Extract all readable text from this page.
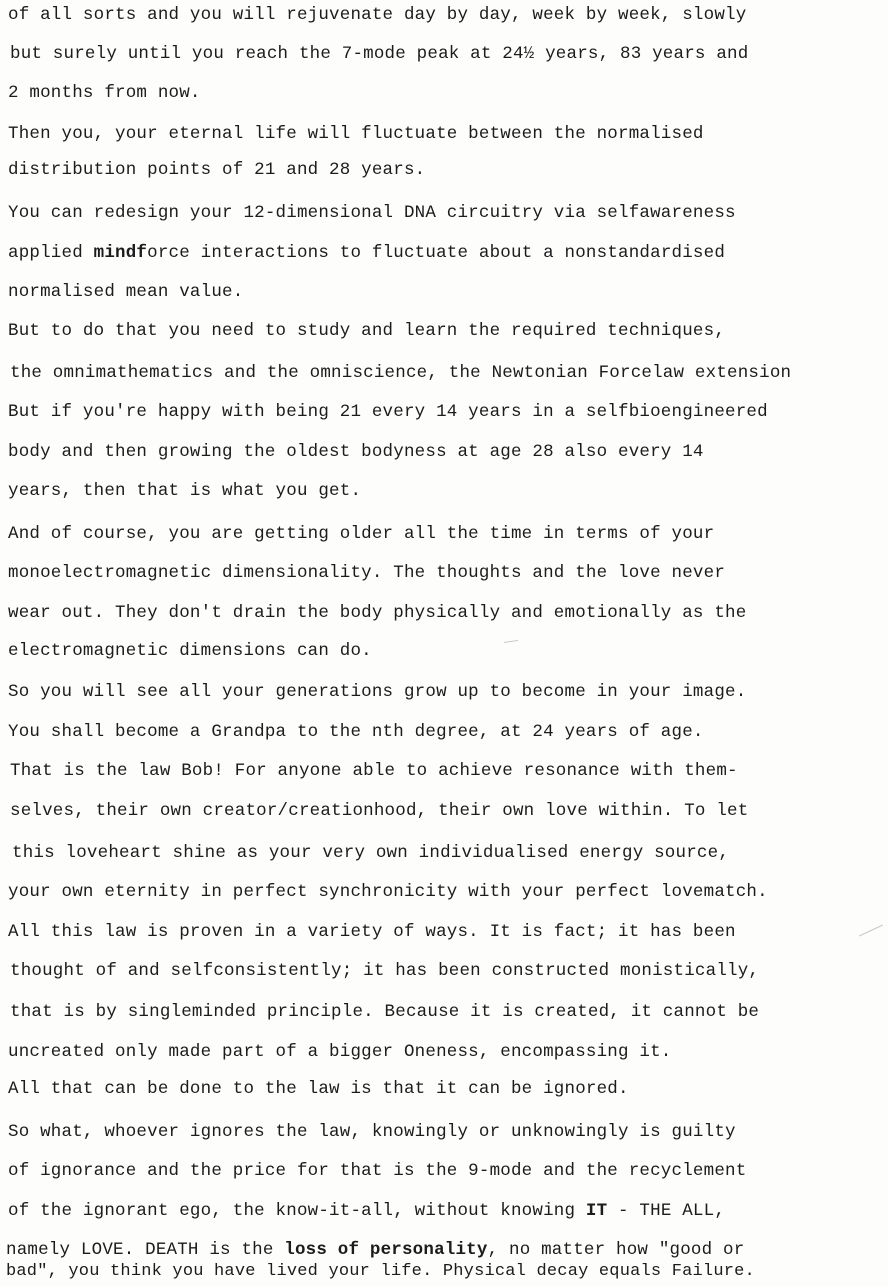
of all sorts and you will rejuvenate day by day, week by week, slowly
but surely until you reach the 7-mode peak at 24½ years, 83 years and
2 months from now.
Then you, your eternal life will fluctuate between the normalised
distribution points of 21 and 28 years.
You can redesign your 12-dimensional DNA circuitry via selfawareness
applied mindforce interactions to fluctuate about a nonstandardised
normalised mean value.
But to do that you need to study and learn the required techniques,
the omnimathematics and the omniscience, the Newtonian Forcelaw extension
But if you're happy with being 21 every 14 years in a selfbioengineered
body and then growing the oldest bodyness at age 28 also every 14
years, then that is what you get.
And of course, you are getting older all the time in terms of your
monoelectromagnetic dimensionality. The thoughts and the love never
wear out. They don't drain the body physically and emotionally as the
electromagnetic dimensions can do.
So you will see all your generations grow up to become in your image.
You shall become a Grandpa to the nth degree, at 24 years of age.
That is the law Bob! For anyone able to achieve resonance with them-
selves, their own creator/creationhood, their own love within. To let
this loveheart shine as your very own individualised energy source,
your own eternity in perfect synchronicity with your perfect lovematch.
All this law is proven in a variety of ways. It is fact; it has been
thought of and selfconsistently; it has been constructed monistically,
that is by singleminded principle. Because it is created, it cannot be
uncreated only made part of a bigger Oneness, encompassing it.
All that can be done to the law is that it can be ignored.
So what, whoever ignores the law, knowingly or unknowingly is guilty
of ignorance and the price for that is the 9-mode and the recyclement
of the ignorant ego, the know-it-all, without knowing IT - THE ALL,
namely LOVE. DEATH is the loss of personality, no matter how "good or
bad", you think you have lived your life. Physical decay equals Failure.
